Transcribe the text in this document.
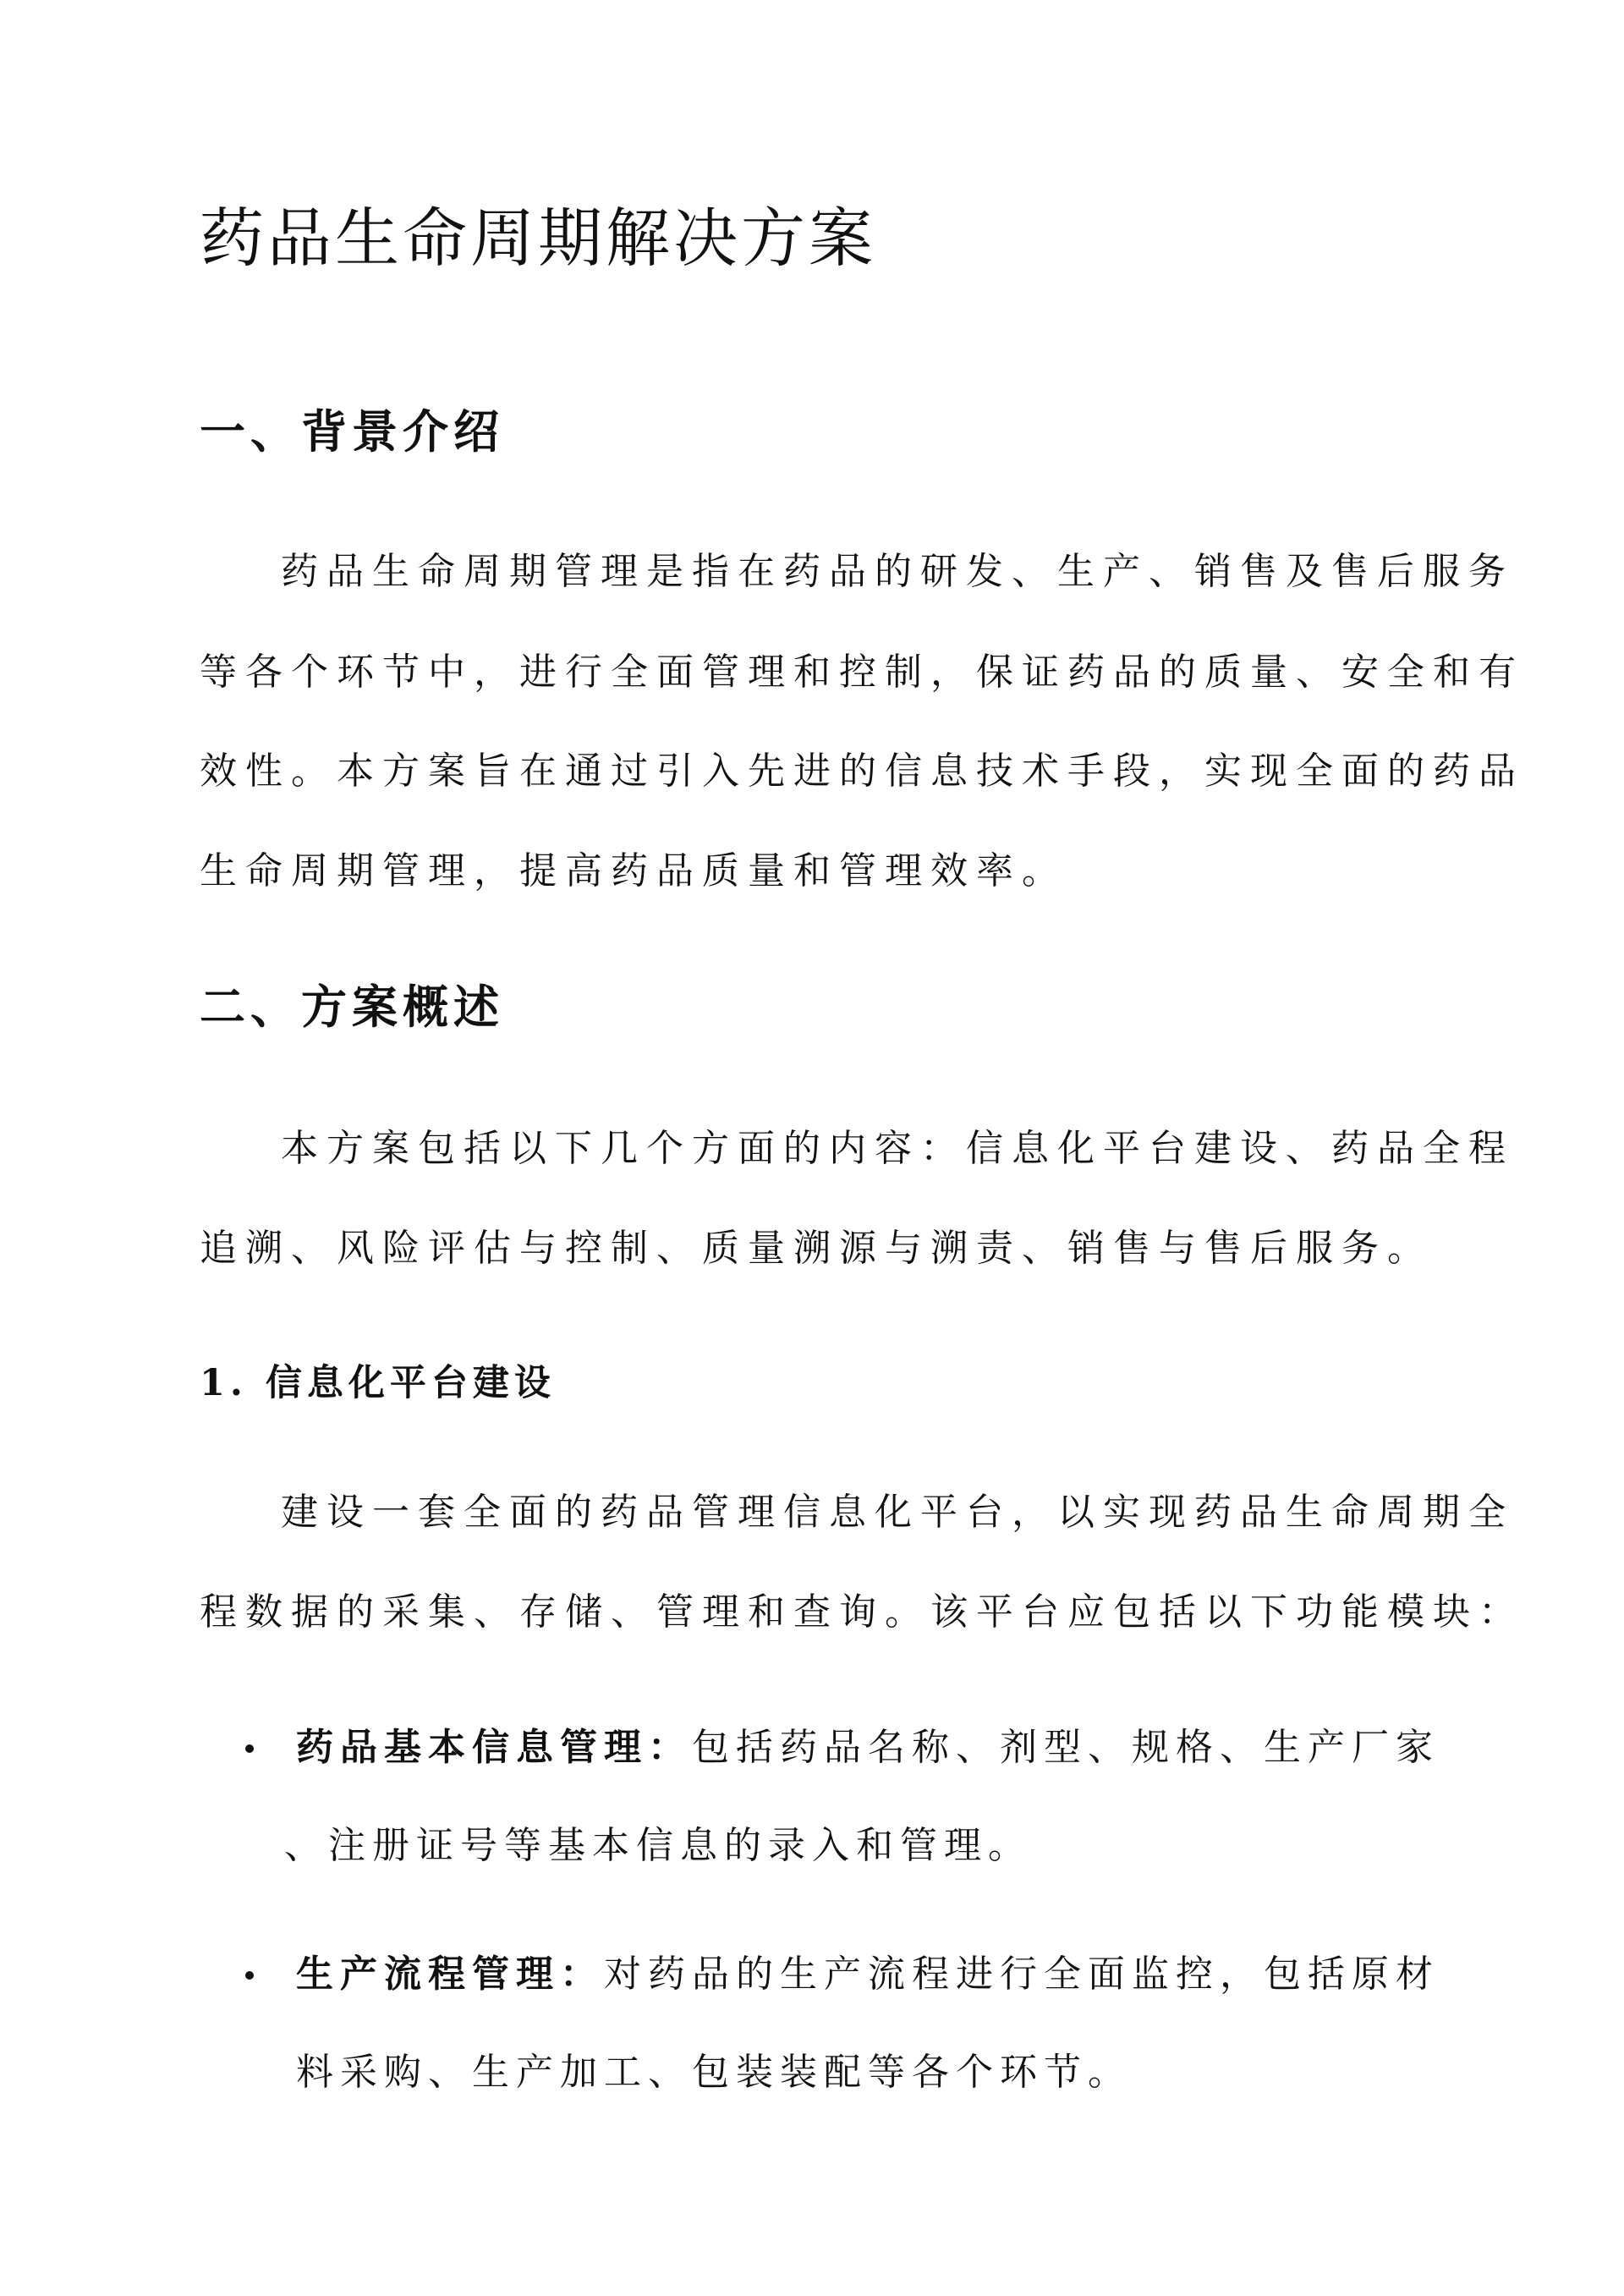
药品生命周期解决方案
一、背景介绍
药品生命周期管理是指在药品的研发、生产、销售及售后服务
等各个环节中，进行全面管理和控制，保证药品的质量、安全和有
效性。本方案旨在通过引入先进的信息技术手段，实现全面的药品
生命周期管理，提高药品质量和管理效率。
二、方案概述
本方案包括以下几个方面的内容：信息化平台建设、药品全程
追溯、风险评估与控制、质量溯源与溯责、销售与售后服务。
1. 信息化平台建设
建设一套全面的药品管理信息化平台，以实现药品生命周期全
程数据的采集、存储、管理和查询。该平台应包括以下功能模块：
药品基本信息管理：包括药品名称、剂型、规格、生产厂家
、注册证号等基本信息的录入和管理。
生产流程管理：对药品的生产流程进行全面监控，包括原材
料采购、生产加工、包装装配等各个环节。
